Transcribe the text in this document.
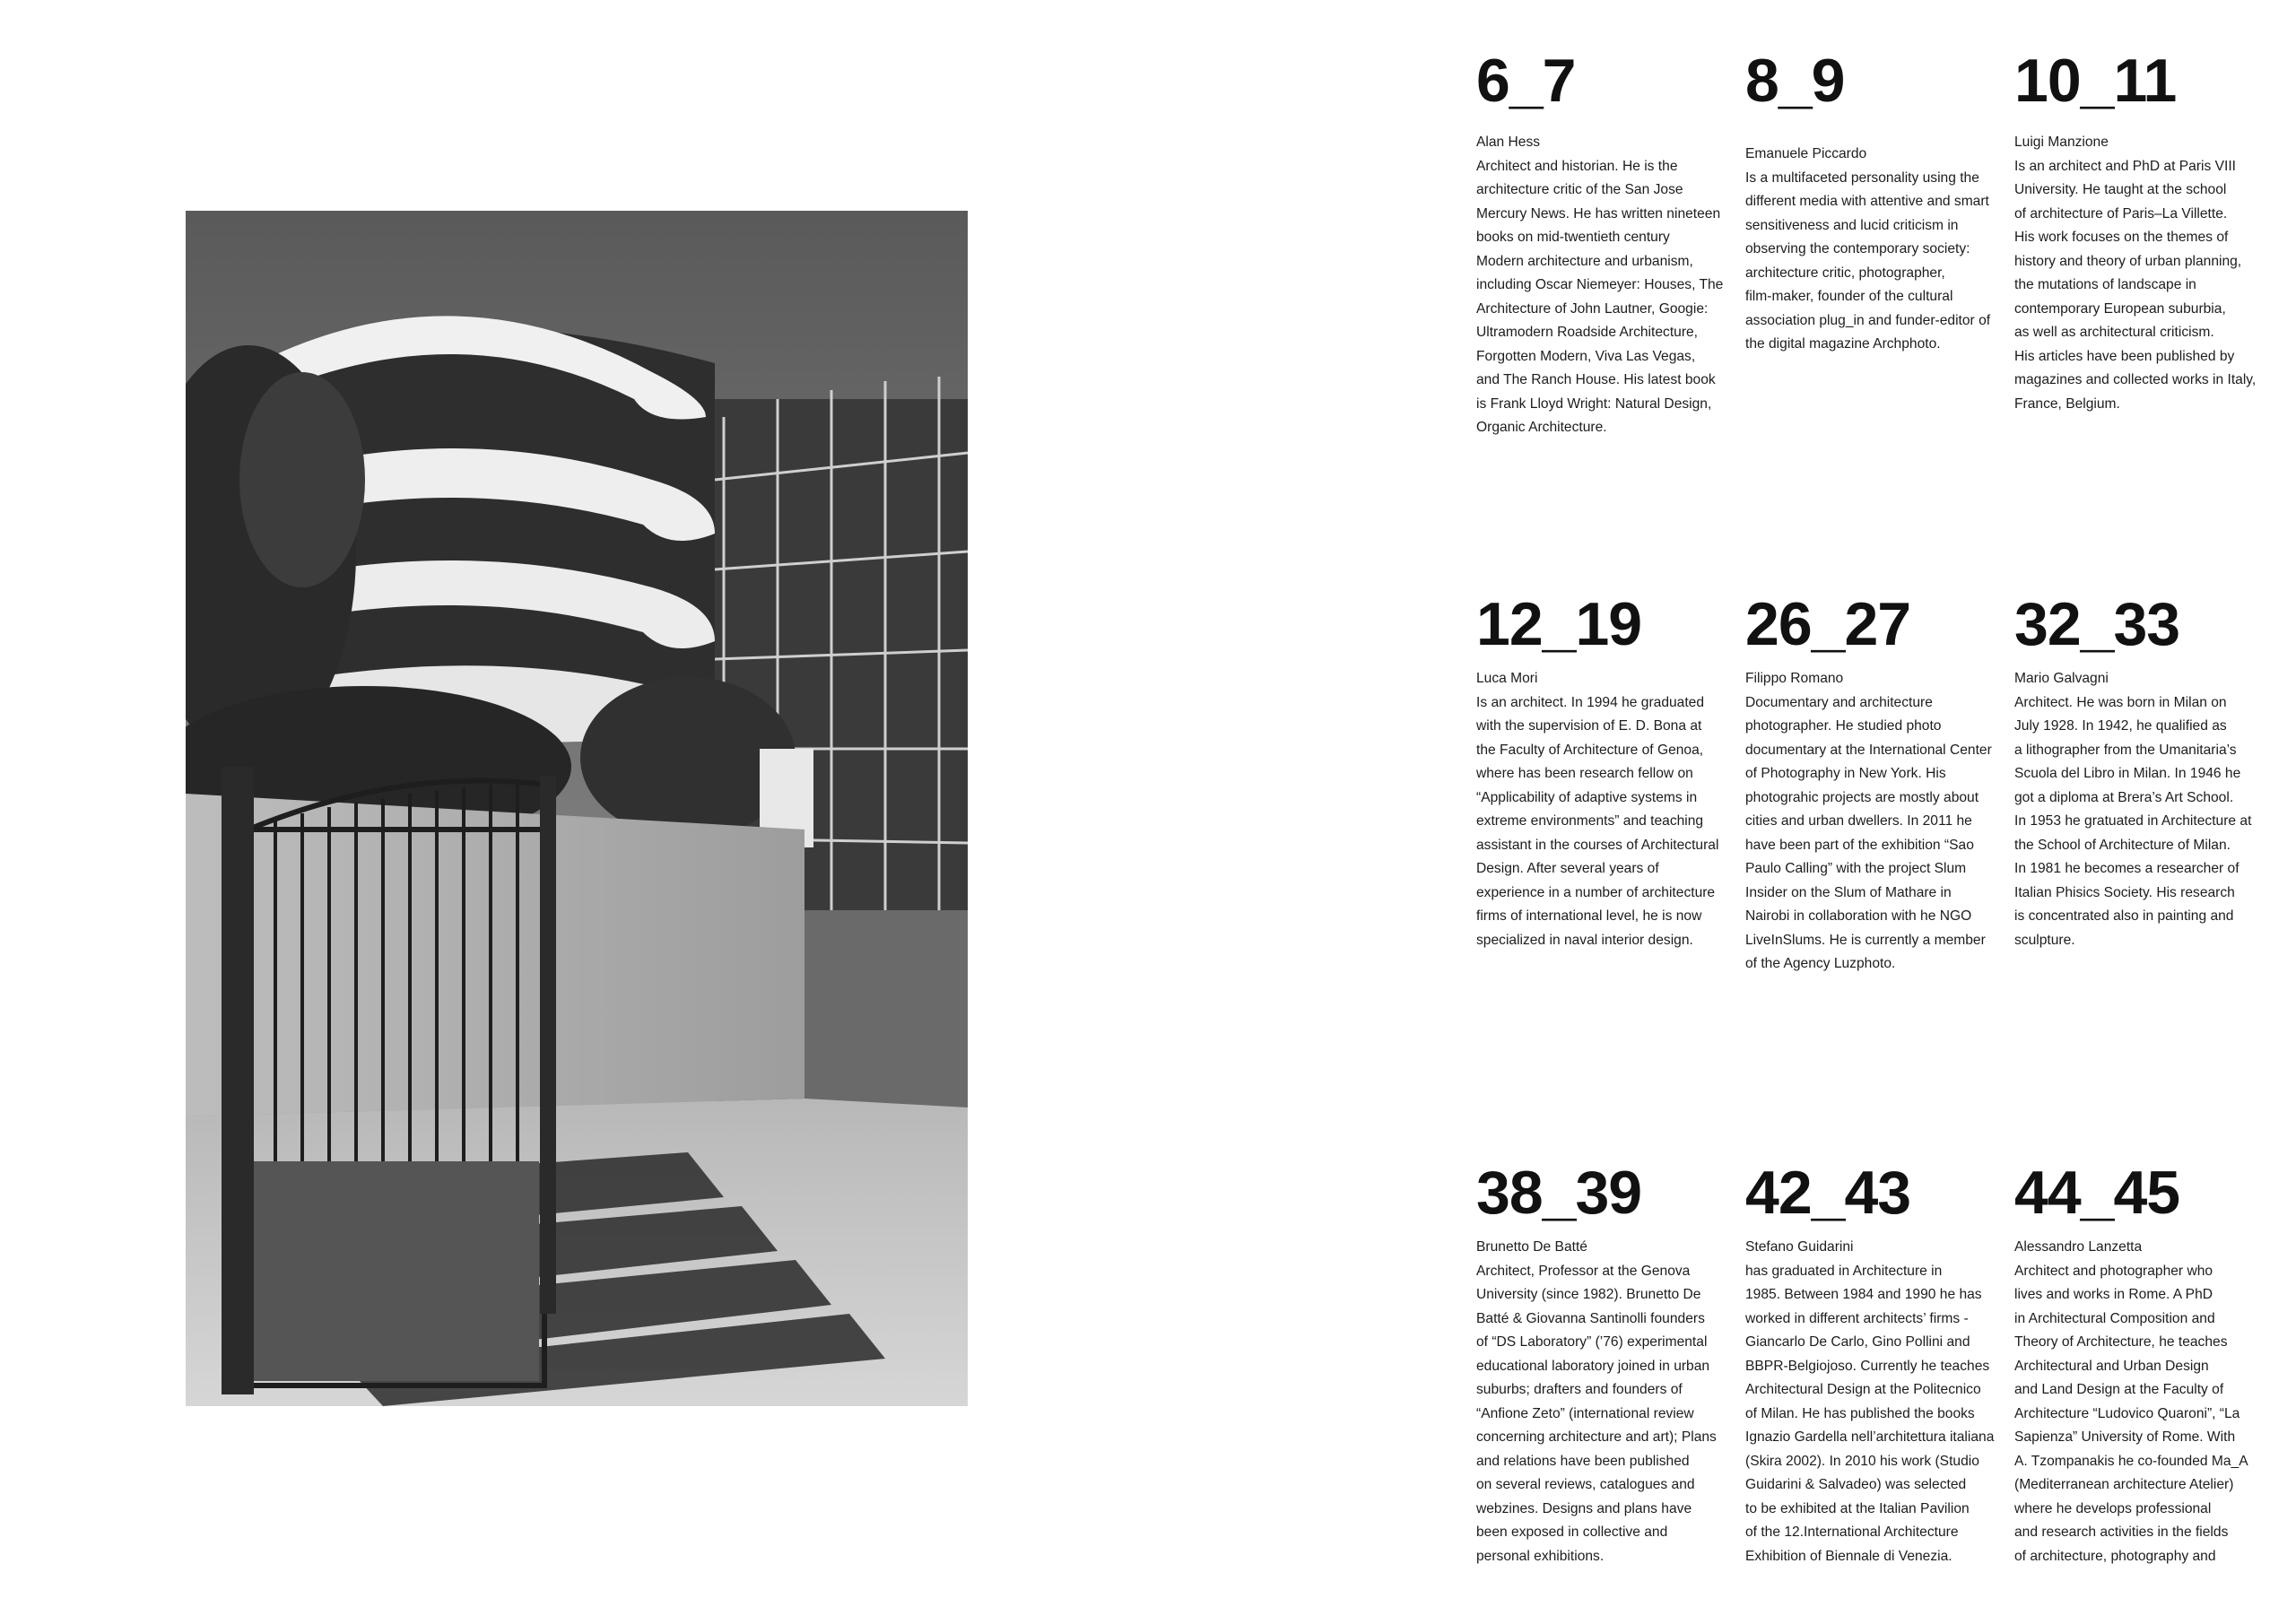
6_7
Alan Hess
Architect and historian. He is the
architecture critic of the San Jose
Mercury News. He has written nineteen
books on mid-twentieth century
Modern architecture and urbanism,
including Oscar Niemeyer: Houses, The
Architecture of John Lautner, Googie:
Ultramodern Roadside Architecture,
Forgotten Modern, Viva Las Vegas,
and The Ranch House. His latest book
is Frank Lloyd Wright: Natural Design,
Organic Architecture.
8_9
Emanuele Piccardo
Is a multifaceted personality using the
different media with attentive and smart
sensitiveness and lucid criticism in
observing the contemporary society:
architecture critic, photographer,
film-maker, founder of the cultural
association plug_in and funder-editor of
the digital magazine Archphoto.
10_11
Luigi Manzione
Is an architect and PhD at Paris VIII
University. He taught at the school
of architecture of Paris–La Villette.
His work focuses on the themes of
history and theory of urban planning,
the mutations of landscape in
contemporary European suburbia,
as well as architectural criticism.
His articles have been published by
magazines and collected works in Italy,
France, Belgium.
12_19
Luca Mori
Is an architect. In 1994 he graduated
with the supervision of E. D. Bona at
the Faculty of Architecture of Genoa,
where has been research fellow on
“Applicability of adaptive systems in
extreme environments” and teaching
assistant in the courses of Architectural
Design. After several years of
experience in a number of architecture
firms of international level, he is now
specialized in naval interior design.
26_27
Filippo Romano
Documentary and architecture
photographer. He studied photo
documentary at the International Center
of Photography in New York. His
photograhic projects are mostly about
cities and urban dwellers. In 2011 he
have been part of the exhibition “Sao
Paulo Calling” with the project Slum
Insider on the Slum of Mathare in
Nairobi in collaboration with he NGO
LiveInSlums. He is currently a member
of the Agency Luzphoto.
32_33
Mario Galvagni
Architect. He was born in Milan on
July 1928. In 1942, he qualified as
a lithographer from the Umanitaria’s
Scuola del Libro in Milan. In 1946 he
got a diploma at Brera’s Art School.
In 1953 he gratuated in Architecture at
the School of Architecture of Milan.
In 1981 he becomes a researcher of
Italian Phisics Society. His research
is concentrated also in painting and
sculpture.
38_39
Brunetto De Batté
Architect, Professor at the Genova
University (since 1982). Brunetto De
Batté & Giovanna Santinolli founders
of “DS Laboratory” (’76) experimental
educational laboratory joined in urban
suburbs; drafters and founders of
“Anfione Zeto” (international review
concerning architecture and art); Plans
and relations have been published
on several reviews, catalogues and
webzines. Designs and plans have
been exposed in collective and
personal exhibitions.
42_43
Stefano Guidarini
has graduated in Architecture in
1985. Between 1984 and 1990 he has
worked in different architects’ firms -
Giancarlo De Carlo, Gino Pollini and
BBPR-Belgiojoso. Currently he teaches
Architectural Design at the Politecnico
of Milan. He has published the books
Ignazio Gardella nell’architettura italiana
(Skira 2002). In 2010 his work (Studio
Guidarini & Salvadeo) was selected
to be exhibited at the Italian Pavilion
of the 12.International Architecture
Exhibition of Biennale di Venezia.
44_45
Alessandro Lanzetta
Architect and photographer who
lives and works in Rome. A PhD
in Architectural Composition and
Theory of Architecture, he teaches
Architectural and Urban Design
and Land Design at the Faculty of
Architecture “Ludovico Quaroni”, “La
Sapienza” University of Rome. With
A. Tzompanakis he co-founded Ma_A
(Mediterranean architecture Atelier)
where he develops professional
and research activities in the fields
of architecture, photography and
